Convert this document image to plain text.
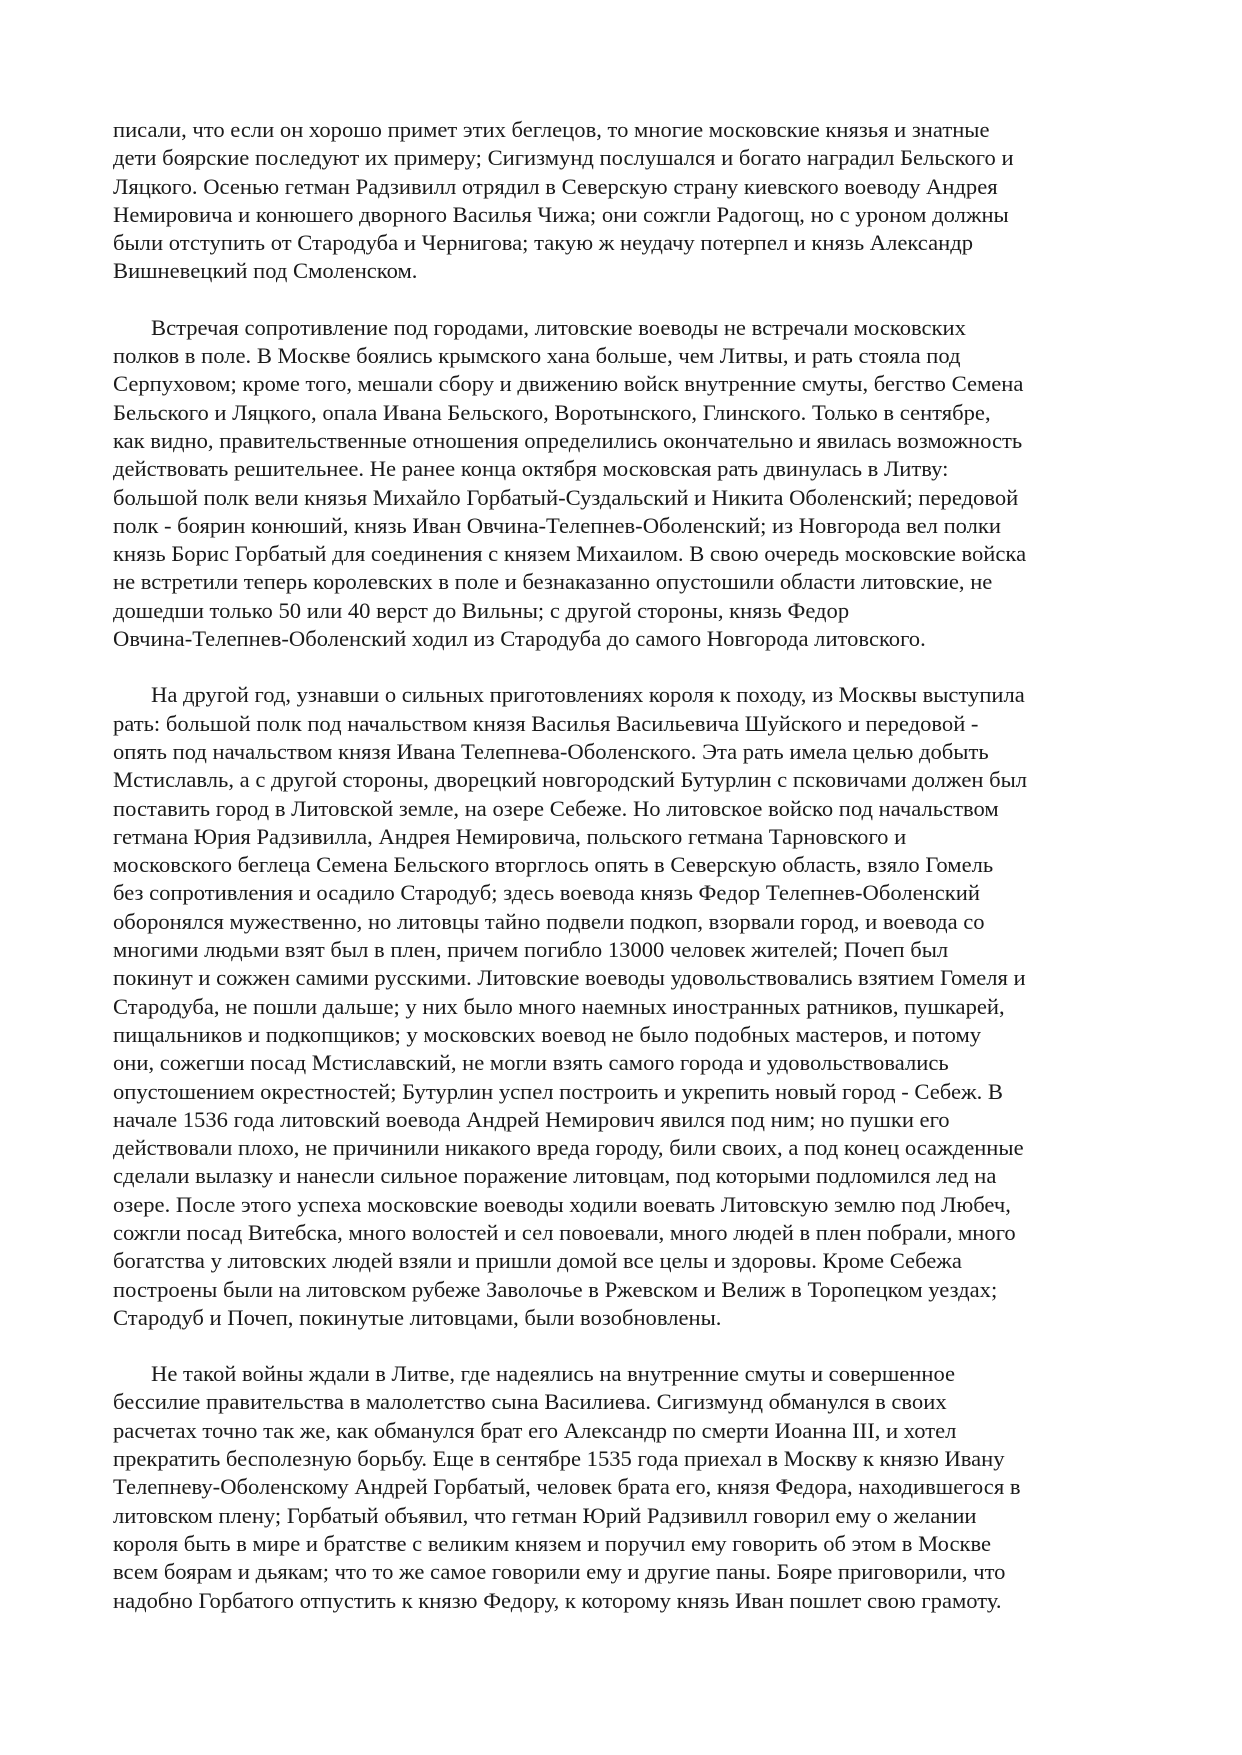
писали, что если он хорошо примет этих беглецов, то многие московские князья и знатные
дети боярские последуют их примеру; Сигизмунд послушался и богато наградил Бельского и
Ляцкого. Осенью гетман Радзивилл отрядил в Северскую страну киевского воеводу Андрея
Немировича и конюшего дворного Василья Чижа; они сожгли Радогощ, но с уроном должны
были отступить от Стародуба и Чернигова; такую ж неудачу потерпел и князь Александр
Вишневецкий под Смоленском.

Встречая сопротивление под городами, литовские воеводы не встречали московских
полков в поле. В Москве боялись крымского хана больше, чем Литвы, и рать стояла под
Серпуховом; кроме того, мешали сбору и движению войск внутренние смуты, бегство Семена
Бельского и Ляцкого, опала Ивана Бельского, Воротынского, Глинского. Только в сентябре,
как видно, правительственные отношения определились окончательно и явилась возможность
действовать решительнее. Не ранее конца октября московская рать двинулась в Литву:
большой полк вели князья Михайло Горбатый-Суздальский и Никита Оболенский; передовой
полк - боярин конюший, князь Иван Овчина-Телепнев-Оболенский; из Новгорода вел полки
князь Борис Горбатый для соединения с князем Михаилом. В свою очередь московские войска
не встретили теперь королевских в поле и безнаказанно опустошили области литовские, не
дошедши только 50 или 40 верст до Вильны; с другой стороны, князь Федор
Овчина-Телепнев-Оболенский ходил из Стародуба до самого Новгорода литовского.

На другой год, узнавши о сильных приготовлениях короля к походу, из Москвы выступила
рать: большой полк под начальством князя Василья Васильевича Шуйского и передовой -
опять под начальством князя Ивана Телепнева-Оболенского. Эта рать имела целью добыть
Мстиславль, а с другой стороны, дворецкий новгородский Бутурлин с псковичами должен был
поставить город в Литовской земле, на озере Себеже. Но литовское войско под начальством
гетмана Юрия Радзивилла, Андрея Немировича, польского гетмана Тарновского и
московского беглеца Семена Бельского вторглось опять в Северскую область, взяло Гомель
без сопротивления и осадило Стародуб; здесь воевода князь Федор Телепнев-Оболенский
оборонялся мужественно, но литовцы тайно подвели подкоп, взорвали город, и воевода со
многими людьми взят был в плен, причем погибло 13000 человек жителей; Почеп был
покинут и сожжен самими русскими. Литовские воеводы удовольствовались взятием Гомеля и
Стародуба, не пошли дальше; у них было много наемных иностранных ратников, пушкарей,
пищальников и подкопщиков; у московских воевод не было подобных мастеров, и потому
они, сожегши посад Мстиславский, не могли взять самого города и удовольствовались
опустошением окрестностей; Бутурлин успел построить и укрепить новый город - Себеж. В
начале 1536 года литовский воевода Андрей Немирович явился под ним; но пушки его
действовали плохо, не причинили никакого вреда городу, били своих, а под конец осажденные
сделали вылазку и нанесли сильное поражение литовцам, под которыми подломился лед на
озере. После этого успеха московские воеводы ходили воевать Литовскую землю под Любеч,
сожгли посад Витебска, много волостей и сел повоевали, много людей в плен побрали, много
богатства у литовских людей взяли и пришли домой все целы и здоровы. Кроме Себежа
построены были на литовском рубеже Заволочье в Ржевском и Велиж в Торопецком уездах;
Стародуб и Почеп, покинутые литовцами, были возобновлены.

Не такой войны ждали в Литве, где надеялись на внутренние смуты и совершенное
бессилие правительства в малолетство сына Василиева. Сигизмунд обманулся в своих
расчетах точно так же, как обманулся брат его Александр по смерти Иоанна III, и хотел
прекратить бесполезную борьбу. Еще в сентябре 1535 года приехал в Москву к князю Ивану
Телепневу-Оболенскому Андрей Горбатый, человек брата его, князя Федора, находившегося в
литовском плену; Горбатый объявил, что гетман Юрий Радзивилл говорил ему о желании
короля быть в мире и братстве с великим князем и поручил ему говорить об этом в Москве
всем боярам и дьякам; что то же самое говорили ему и другие паны. Бояре приговорили, что
надобно Горбатого отпустить к князю Федору, к которому князь Иван пошлет свою грамоту.
